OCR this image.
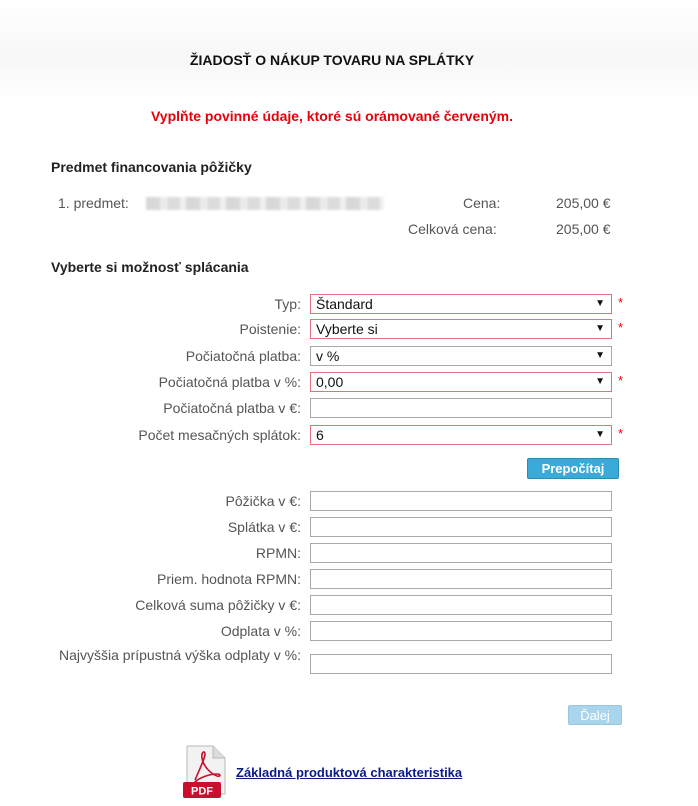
ŽIADOSŤ O NÁKUP TOVARU NA SPLÁTKY
Vyplňte povinné údaje, ktoré sú orámované červeným.
Predmet financovania pôžičky
1. predmet:	Cena:	205,00 €
Celková cena:	205,00 €
Vyberte si možnosť splácania
Typ: Štandard	▼ *
Poistenie: Vyberte si	▼ *
Počiatočná platba: v %	▼
Počiatočná platba v %: 0,00	▼ *
Počiatočná platba v €:
Počet mesačných splátok: 6	▼ *
Prepočítaj
Pôžička v €:
Splátka v €:
RPMN:
Priem. hodnota RPMN:
Celková suma pôžičky v €:
Odplata v %:
Najvyššia prípustná výška odplaty v %:
Ďalej
PDF
Základná produktová charakteristika
